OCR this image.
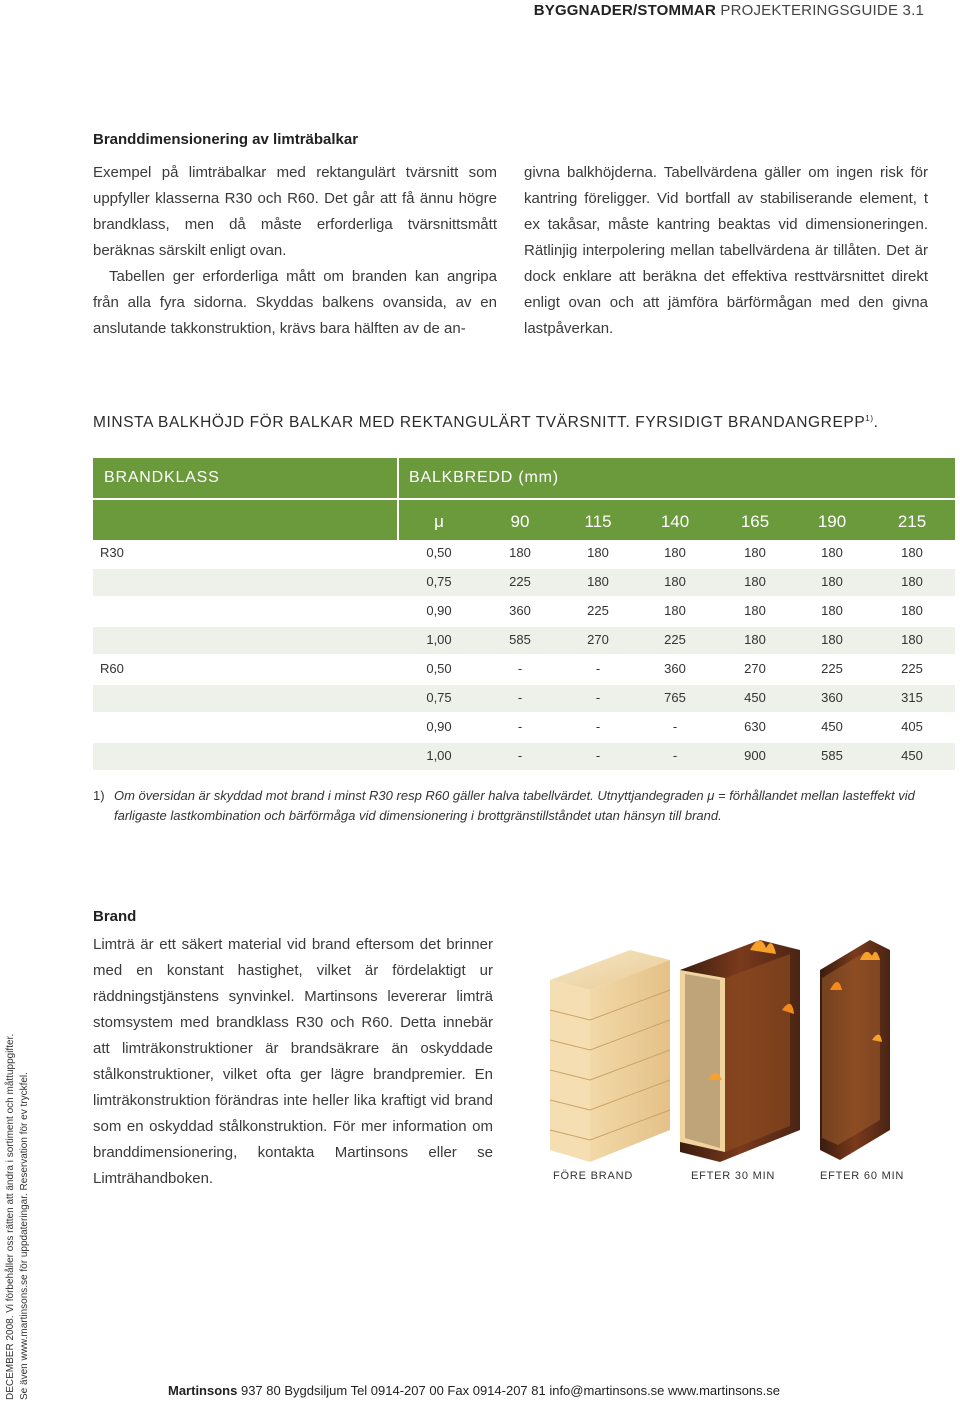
BYGGNADER/STOMMAR PROJEKTERINGSGUIDE 3.1
Branddimensionering av limträbalkar

Exempel på limträbalkar med rektangulärt tvärsnitt som uppfyller klasserna R30 och R60. Det går att få ännu högre brandklass, men då måste erforderliga tvärsnittsmått beräknas särskilt enligt ovan.

Tabellen ger erforderliga mått om branden kan angripa från alla fyra sidorna. Skyddas balkens ovansida, av en anslutande takkonstruktion, krävs bara hälften av de an-

givna balkhöjderna. Tabellvärdena gäller om ingen risk för kantring föreligger. Vid bortfall av stabiliserande element, t ex takåsar, måste kantring beaktas vid dimensioneringen. Rätlinjig interpolering mellan tabellvärdena är tillåten. Det är dock enklare att beräkna det effektiva resttvärsnittet direkt enligt ovan och att jämföra bärförmågan med den givna lastpåverkan.

MINSTA BALKHÖJD FÖR BALKAR MED REKTANGULÄRT TVÄRSNITT. FYRSIDIGT BRANDANGREPP$^{1)}$.
BRANDKLASS	BALKBREDD (mm)
μ	90	115	140	165	190	215
R30	0,50	180	180	180	180	180	180
0,75	225	180	180	180	180	180
0,90	360	225	180	180	180	180
1,00	585	270	225	180	180	180
R60	0,50	-	-	360	270	225	225
0,75	-	-	765	450	360	315
0,90	-	-	-	630	450	405
1,00	-	-	-	900	585	450
1) Om översidan är skyddad mot brand i minst R30 resp R60 gäller halva tabellvärdet. Utnyttjandegraden μ = förhållandet mellan lasteffekt vid farligaste lastkombination och bärförmåga vid dimensionering i brottgränstillståndet utan hänsyn till brand.
Brand

Limträ är ett säkert material vid brand eftersom det brinner med en konstant hastighet, vilket är fördelaktigt ur räddningstjänstens synvinkel. Martinsons levererar limträ stomsystem med brandklass R30 och R60. Detta innebär att limträkonstruktioner är brandsäkrare än oskyddade stålkonstruktioner, vilket ofta ger lägre brandpremier. En limträkonstruktion förändras inte heller lika kraftigt vid brand som en oskyddad stålkonstruktion. För mer information om branddimensionering, kontakta Martinsons eller se Limträhandboken.	FÖRE BRAND	EFTER 30 MIN	EFTER 60 MIN
DECEMBER 2008. Vi förbehåller oss rätten att ändra i sortiment och måttuppgifter. Se även www.martinsons.se för uppdateringar. Reservation för ev tryckfel.	Martinsons 937 80 Bygdsiljum Tel 0914-207 00 Fax 0914-207 81 info@martinsons.se www.martinsons.se
